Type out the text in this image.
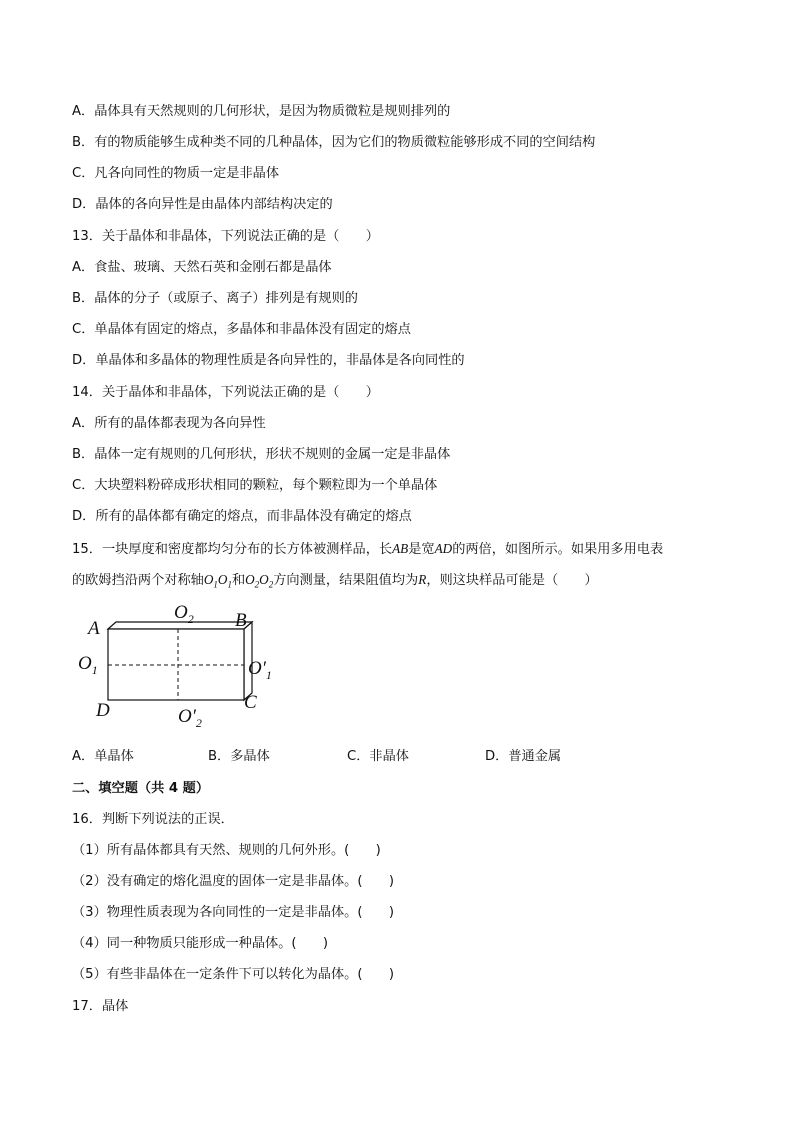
A．晶体具有天然规则的几何形状，是因为物质微粒是规则排列的
B．有的物质能够生成种类不同的几种晶体，因为它们的物质微粒能够形成不同的空间结构
C．凡各向同性的物质一定是非晶体
D．晶体的各向异性是由晶体内部结构决定的
13．关于晶体和非晶体，下列说法正确的是（　　）
A．食盐、玻璃、天然石英和金刚石都是晶体
B．晶体的分子（或原子、离子）排列是有规则的
C．单晶体有固定的熔点，多晶体和非晶体没有固定的熔点
D．单晶体和多晶体的物理性质是各向异性的，非晶体是各向同性的
14．关于晶体和非晶体，下列说法正确的是（　　）
A．所有的晶体都表现为各向异性
B．晶体一定有规则的几何形状，形状不规则的金属一定是非晶体
C．大块塑料粉碎成形状相同的颗粒，每个颗粒即为一个单晶体
D．所有的晶体都有确定的熔点，而非晶体没有确定的熔点
15．一块厚度和密度都均匀分布的长方体被测样品，长AB是宽AD的两倍，如图所示。如果用多用电表
的欧姆挡沿两个对称轴$O_1O_1$和$O_2O_2$方向测量，结果阻值均为R，则这块样品可能是（　　）
A	B
C
D
$O_2$
$O_1$	$O'_1$
$O'_2$
A．单晶体	B．多晶体	C．非晶体	D．普通金属
二、填空题（共 4 题）
16．判断下列说法的正误．
（1）所有晶体都具有天然、规则的几何外形。(　　)
（2）没有确定的熔化温度的固体一定是非晶体。(　　)
（3）物理性质表现为各向同性的一定是非晶体。(　　)
（4）同一种物质只能形成一种晶体。(　　)
（5）有些非晶体在一定条件下可以转化为晶体。(　　)
17．晶体
